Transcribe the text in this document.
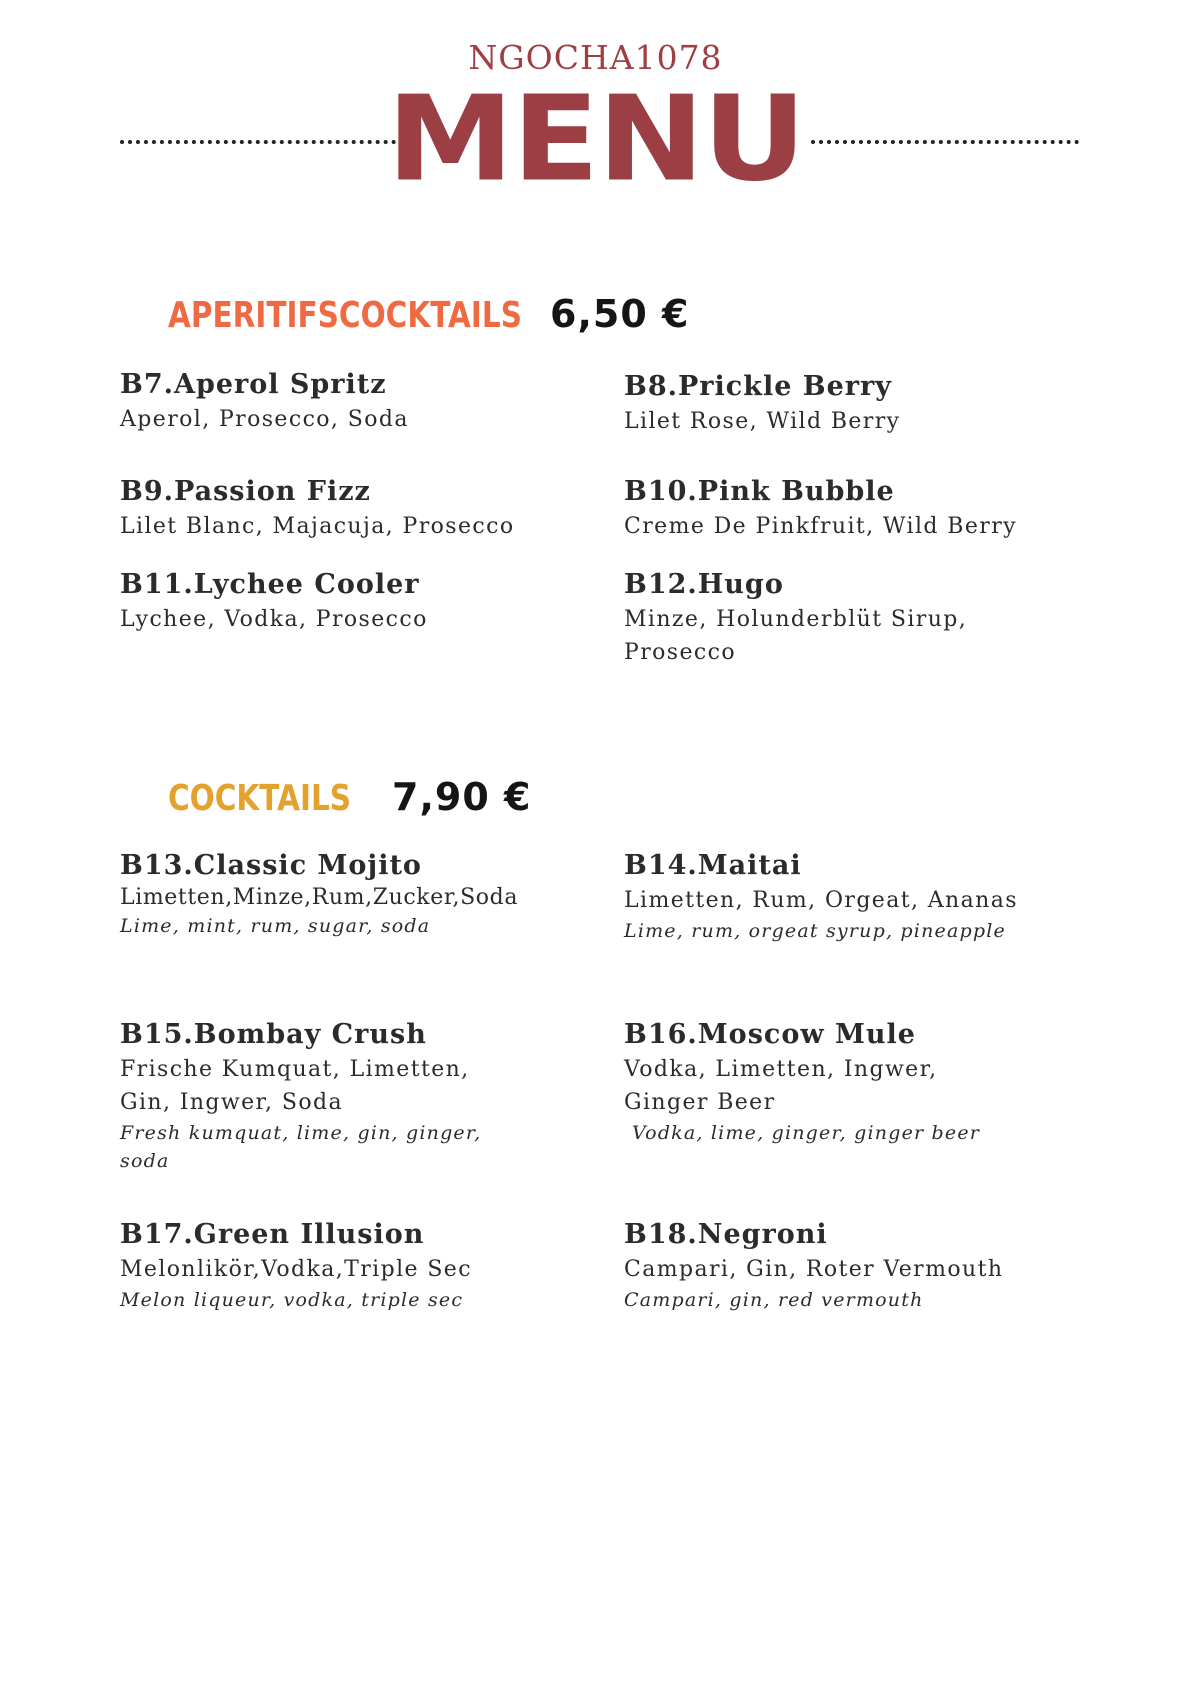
NGOCHA1078
MENU
APERITIFSCOCKTAILS 6,50 €
B7.Aperol Spritz
Aperol, Prosecco, Soda
B8.Prickle Berry
Lilet Rose, Wild Berry
B9.Passion Fizz
Lilet Blanc, Majacuja, Prosecco
B10.Pink Bubble
Creme De Pinkfruit, Wild Berry
B11.Lychee Cooler
Lychee, Vodka, Prosecco
B12.Hugo
Minze, Holunderblüt Sirup, Prosecco
COCKTAILS 7,90 €
B13.Classic Mojito
Limetten,Minze,Rum,Zucker,Soda
Lime, mint, rum, sugar, soda
B14.Maitai
Limetten, Rum, Orgeat, Ananas
Lime, rum, orgeat syrup, pineapple
B15.Bombay Crush
Frische Kumquat, Limetten, Gin, Ingwer, Soda
Fresh kumquat, lime, gin, ginger, soda
B16.Moscow Mule
Vodka, Limetten, Ingwer, Ginger Beer
Vodka, lime, ginger, ginger beer
B17.Green Illusion
Melonlikör,Vodka,Triple Sec
Melon liqueur, vodka, triple sec
B18.Negroni
Campari, Gin, Roter Vermouth
Campari, gin, red vermouth
